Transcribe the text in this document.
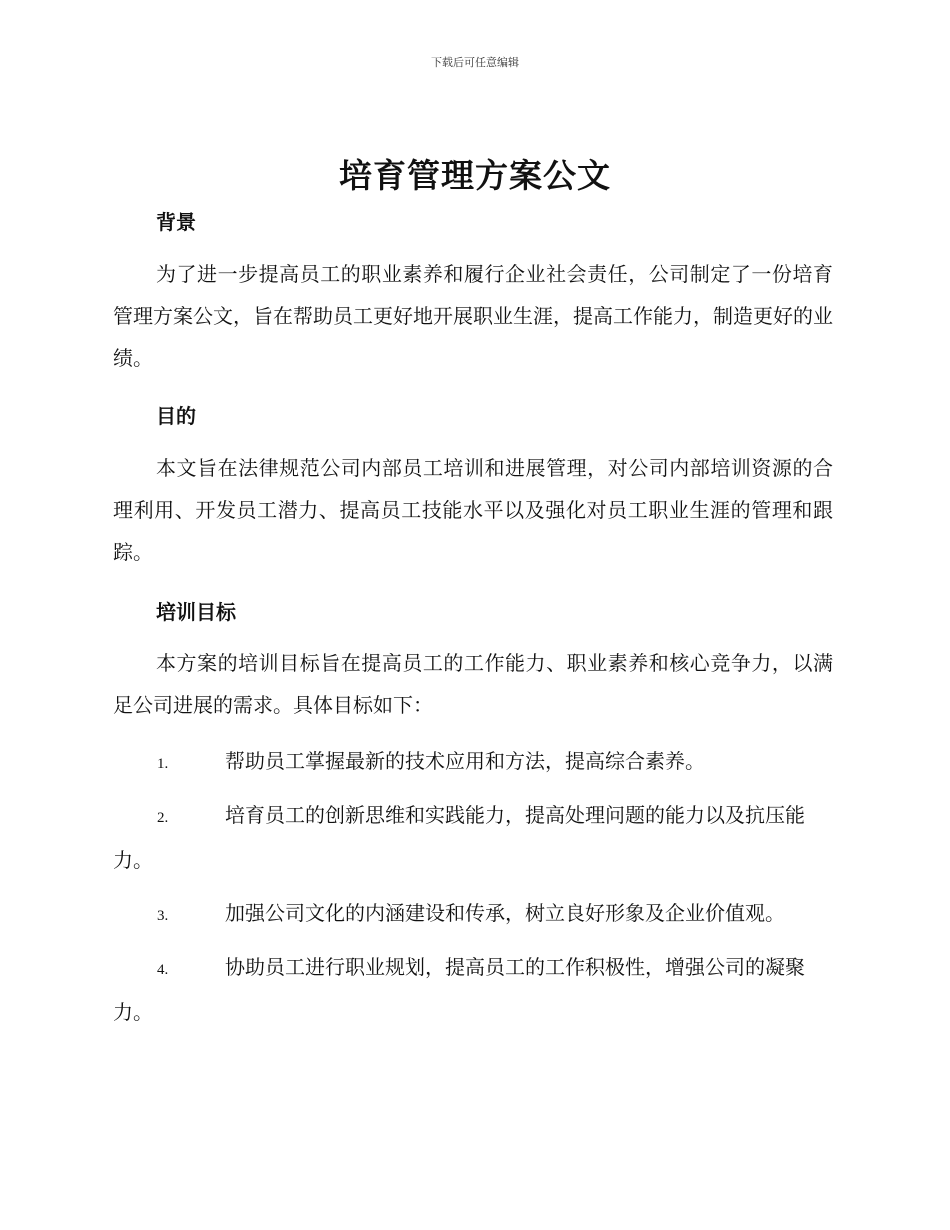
下载后可任意编辑
培育管理方案公文
背景

为了进一步提高员工的职业素养和履行企业社会责任，公司制定了一份培育管理方案公文，旨在帮助员工更好地开展职业生涯，提高工作能力，制造更好的业绩。

目的

本文旨在法律规范公司内部员工培训和进展管理，对公司内部培训资源的合理利用、开发员工潜力、提高员工技能水平以及强化对员工职业生涯的管理和跟踪。

培训目标

本方案的培训目标旨在提高员工的工作能力、职业素养和核心竞争力，以满足公司进展的需求。具体目标如下：

1.	帮助员工掌握最新的技术应用和方法，提高综合素养。

2.	培育员工的创新思维和实践能力，提高处理问题的能力以及抗压能力。

3.	加强公司文化的内涵建设和传承，树立良好形象及企业价值观。

4.	协助员工进行职业规划，提高员工的工作积极性，增强公司的凝聚力。
